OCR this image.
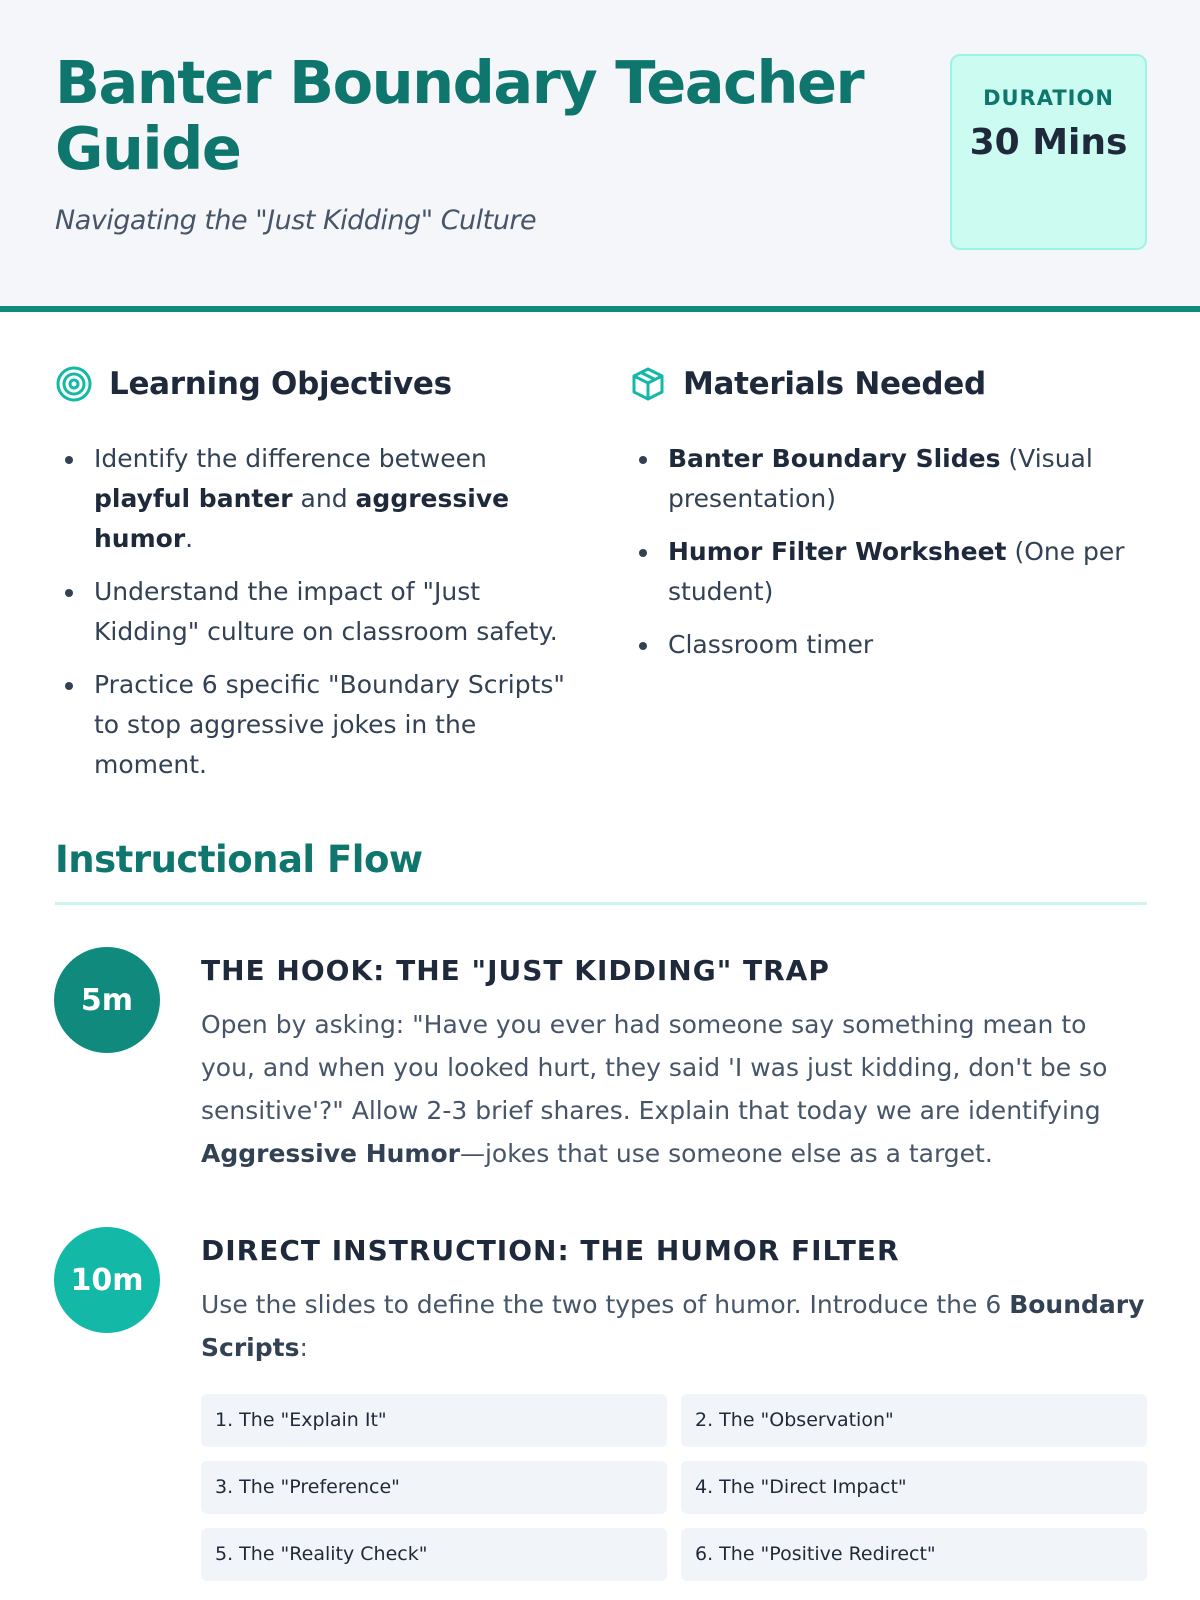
Banter Boundary Teacher Guide
Navigating the "Just Kidding" Culture
DURATION
30 Mins
Learning Objectives
Identify the difference between playful banter and aggressive humor.
Understand the impact of "Just Kidding" culture on classroom safety.
Practice 6 specific "Boundary Scripts" to stop aggressive jokes in the moment.
Materials Needed
Banter Boundary Slides (Visual presentation)
Humor Filter Worksheet (One per student)
Classroom timer
Instructional Flow
5m
THE HOOK: THE "JUST KIDDING" TRAP

Open by asking: "Have you ever had someone say something mean to you, and when you looked hurt, they said 'I was just kidding, don't be so sensitive'?" Allow 2-3 brief shares. Explain that today we are identifying Aggressive Humor—jokes that use someone else as a target.

10m
DIRECT INSTRUCTION: THE HUMOR FILTER

Use the slides to define the two types of humor. Introduce the 6 Boundary Scripts:

1. The "Explain It"	2. The "Observation"
3. The "Preference"	4. The "Direct Impact"
5. The "Reality Check"	6. The "Positive Redirect"
